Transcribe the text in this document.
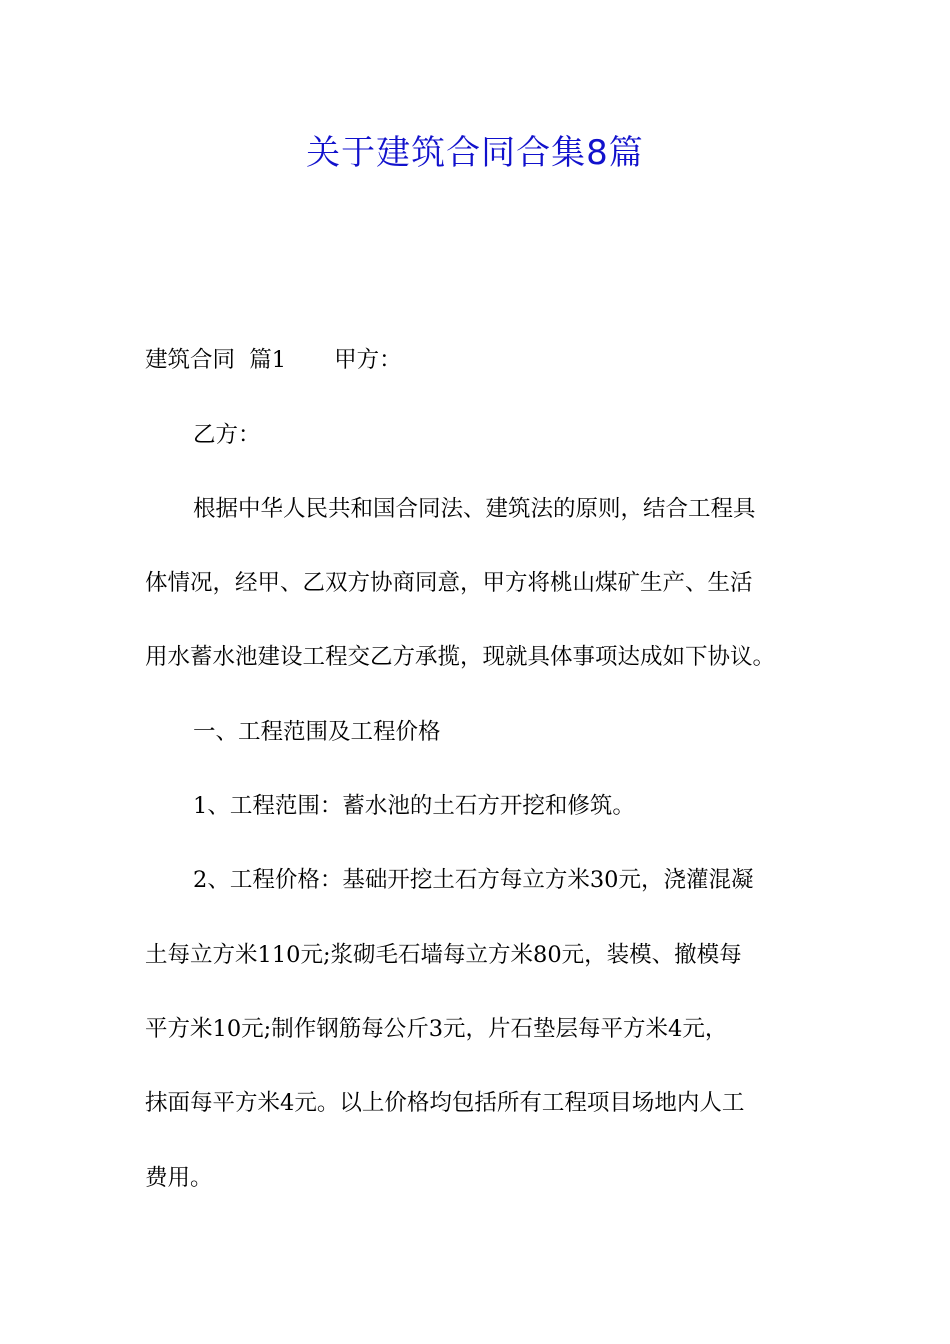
关于建筑合同合集8篇

建筑合同  篇1 甲方：

乙方：

根据中华人民共和国合同法、建筑法的原则，结合工程具

体情况，经甲、乙双方协商同意，甲方将桃山煤矿生产、生活

用水蓄水池建设工程交乙方承揽，现就具体事项达成如下协议。

一、工程范围及工程价格

1、工程范围：蓄水池的土石方开挖和修筑。

2、工程价格：基础开挖土石方每立方米30元，浇灌混凝

土每立方米110元;浆砌毛石墙每立方米80元，装模、撤模每

平方米10元;制作钢筋每公斤3元，片石垫层每平方米4元，

抹面每平方米4元。以上价格均包括所有工程项目场地内人工

费用。
